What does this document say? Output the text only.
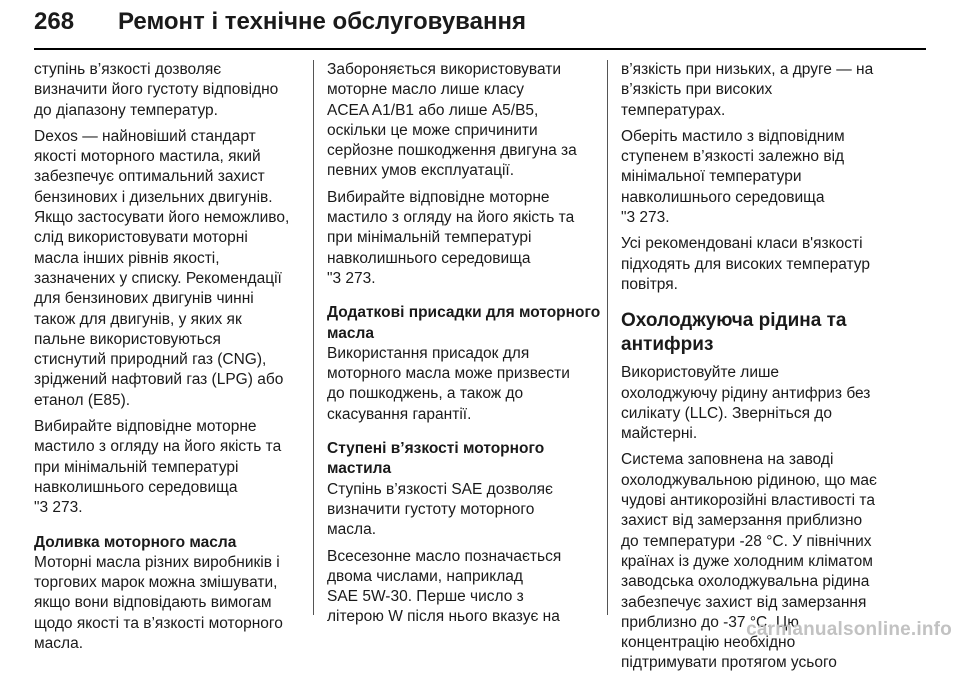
268 Ремонт і технічне обслуговування
ступінь в’язкості дозволяє
визначити його густоту відповідно
до діапазону температур.
Dexos — найновіший стандарт
якості моторного мастила, який
забезпечує оптимальний захист
бензинових і дизельних двигунів.
Якщо застосувати його неможливо,
слід використовувати моторні
масла інших рівнів якості,
зазначених у списку. Рекомендації
для бензинових двигунів чинні
також для двигунів, у яких як
пальне використовуються
стиснутий природний газ (CNG),
зріджений нафтовий газ (LPG) або
етанол (E85).
Вибирайте відповідне моторне
мастило з огляду на його якість та
при мінімальній температурі
навколишнього середовища
"3 273.
Доливка моторного масла
Моторні масла різних виробників і
торгових марок можна змішувати,
якщо вони відповідають вимогам
щодо якості та в’язкості моторного
масла.
Забороняється використовувати
моторне масло лише класу
ACEA A1/B1 або лише A5/B5,
оскільки це може спричинити
серйозне пошкодження двигуна за
певних умов експлуатації.
Вибирайте відповідне моторне
мастило з огляду на його якість та
при мінімальній температурі
навколишнього середовища
"3 273.
Додаткові присадки для моторного
масла
Використання присадок для
моторного масла може призвести
до пошкоджень, а також до
скасування гарантії.
Ступені в’язкості моторного
мастила
Ступінь в’язкості SAE дозволяє
визначити густоту моторного
масла.
Всесезонне масло позначається
двома числами, наприклад
SAE 5W-30. Перше число з
літерою W після нього вказує на
в’язкість при низьких, а друге — на
в’язкість при високих
температурах.
Оберіть мастило з відповідним
ступенем в’язкості залежно від
мінімальної температури
навколишнього середовища
"3 273.
Усі рекомендовані класи в'язкості
підходять для високих температур
повітря.
Охолоджуюча рідина та
антифриз
Використовуйте лише
охолоджуючу рідину антифриз без
силікату (LLC). Зверніться до
майстерні.
Система заповнена на заводі
охолоджувальною рідиною, що має
чудові антикорозійні властивості та
захист від замерзання приблизно
до температури -28 °C. У північних
країнах із дуже холодним кліматом
заводська охолоджувальна рідина
забезпечує захист від замерзання
приблизно до -37 °C. Цю
концентрацію необхідно
підтримувати протягом усього
carmanualsonline.info
